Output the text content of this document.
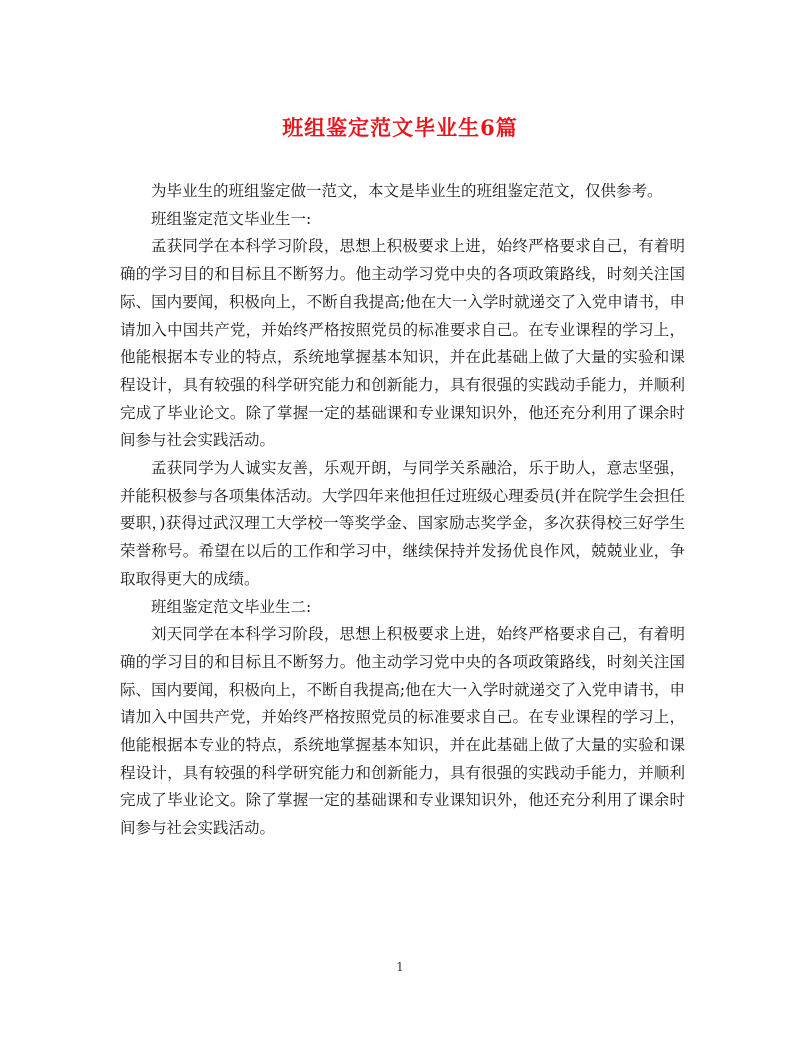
班组鉴定范文毕业生6篇

为毕业生的班组鉴定做一范文，本文是毕业生的班组鉴定范文，仅供参考。

班组鉴定范文毕业生一:

孟获同学在本科学习阶段，思想上积极要求上进，始终严格要求自己，有着明确的学习目的和目标且不断努力。他主动学习党中央的各项政策路线，时刻关注国际、国内要闻，积极向上，不断自我提高;他在大一入学时就递交了入党申请书，申请加入中国共产党，并始终严格按照党员的标准要求自己。在专业课程的学习上，他能根据本专业的特点，系统地掌握基本知识，并在此基础上做了大量的实验和课程设计，具有较强的科学研究能力和创新能力，具有很强的实践动手能力，并顺利完成了毕业论文。除了掌握一定的基础课和专业课知识外，他还充分利用了课余时间参与社会实践活动。

孟获同学为人诚实友善，乐观开朗，与同学关系融洽，乐于助人，意志坚强，并能积极参与各项集体活动。大学四年来他担任过班级心理委员(并在院学生会担任要职，)获得过武汉理工大学校一等奖学金、国家励志奖学金，多次获得校三好学生荣誉称号。希望在以后的工作和学习中，继续保持并发扬优良作风，兢兢业业，争取取得更大的成绩。

班组鉴定范文毕业生二:

刘天同学在本科学习阶段，思想上积极要求上进，始终严格要求自己，有着明确的学习目的和目标且不断努力。他主动学习党中央的各项政策路线，时刻关注国际、国内要闻，积极向上，不断自我提高;他在大一入学时就递交了入党申请书，申请加入中国共产党，并始终严格按照党员的标准要求自己。在专业课程的学习上，他能根据本专业的特点，系统地掌握基本知识，并在此基础上做了大量的实验和课程设计，具有较强的科学研究能力和创新能力，具有很强的实践动手能力，并顺利完成了毕业论文。除了掌握一定的基础课和专业课知识外，他还充分利用了课余时间参与社会实践活动。

1
